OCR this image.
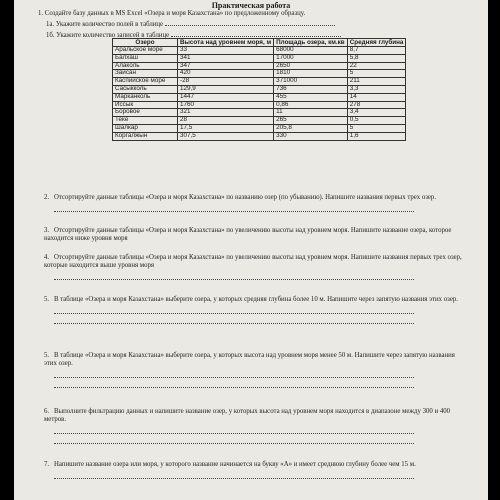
Практическая работа
1. Создайте базу данных в MS Excel «Озера и моря Казахстана» по предложенному образцу.
1а. Укажите количество полей в таблице
1б. Укажите количество записей в таблице
Озеро	Высота над уровнем моря, м	Площадь озера, км.кв	Средняя глубина
Аральское море	33	68000	8,7
Балхаш	341	17000	5,8
Алаколь	347	2650	22
Зайсан	420	1810	5
Каспийское море	-28	371000	211
Сасыкколь	129,9	736	3,3
Марканколь	1447	455	14
Иссык	1760	0,86	278
Боровое	321	11	3,4
Теке	28	265	0,5
Шалкар	17,5	205,8	5
Коргалжын	307,5	330	1,6
2. Отсортируйте данные таблицы «Озера и моря Казахстана» по названию озер (по убыванию). Напишите названия первых трех озер.
3. Отсортируйте данные таблицы «Озера и моря Казахстана» по увеличению высоты над уровнем моря. Напишите название озера, которое находится ниже уровня моря
4. Отсортируйте данные таблицы «Озера и моря Казахстана» по увеличению высоты над уровнем моря. Напишите названия первых трех озер, которые находится выше уровня моря
5. В таблице «Озера и моря Казахстана» выберите озера, у которых средняя глубина более 10 м. Напишите через запятую названия этих озер.
5. В таблице «Озера и моря Казахстана» выберите озера, у которых высота над уровнем моря менее 50 м. Напишите через запятую названия этих озер.
6. Выполните фильтрацию данных и напишите название озер, у которых высота над уровнем моря находится в диапазоне между 300 и 400 метров.
7. Напишите название озера или моря, у которого название начинается на букву «А» и имеет среднюю глубину более чем 15 м.
